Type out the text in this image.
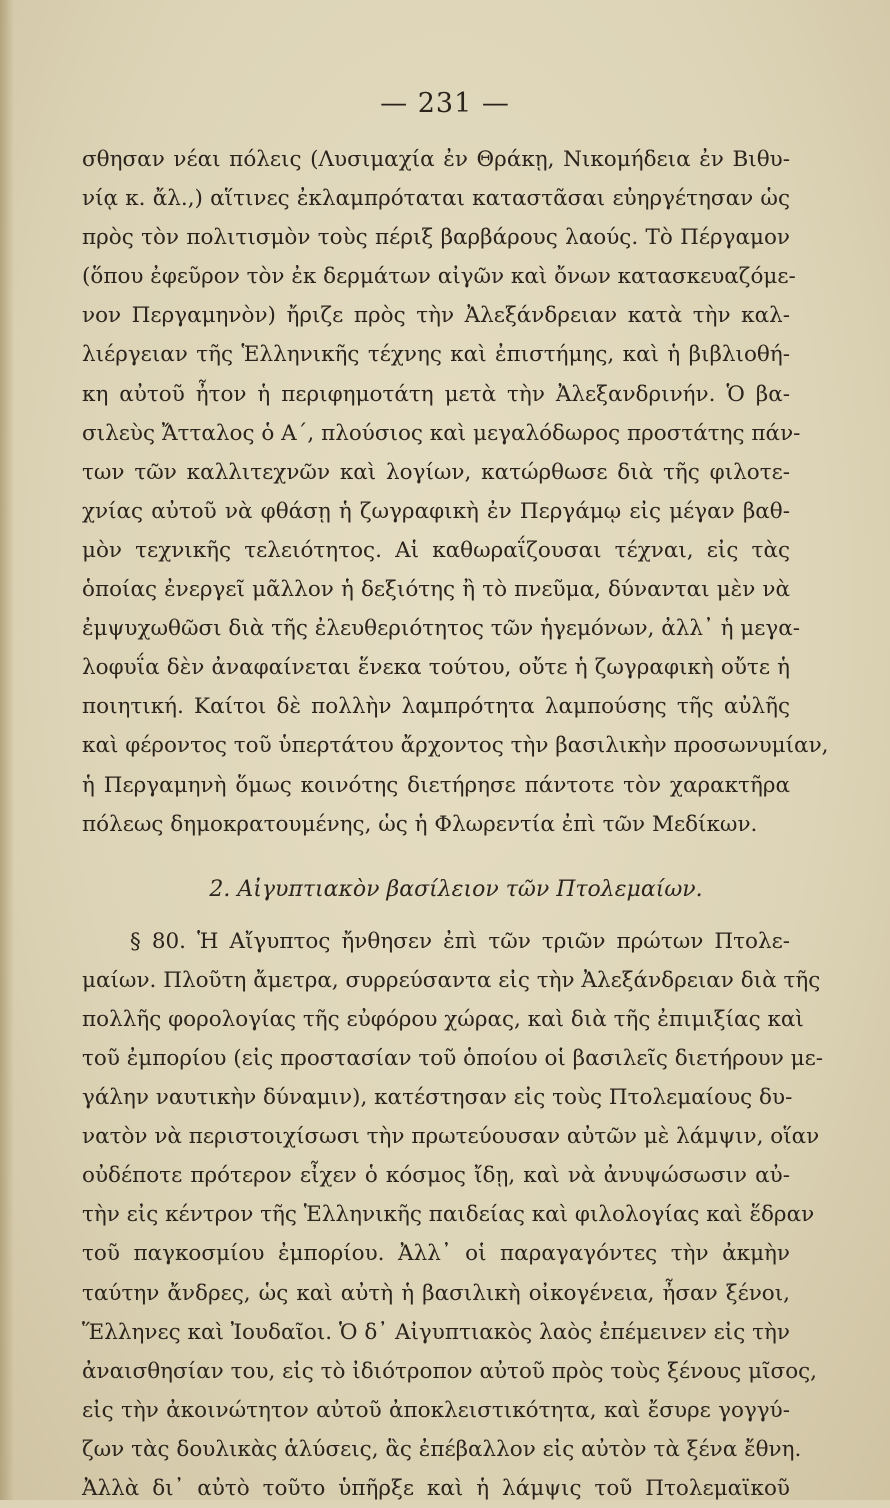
— 231 —
σθησαν νέαι πόλεις (Λυσιμαχία ἐν Θράκῃ, Νικομήδεια ἐν Βιθυ-
νίᾳ κ. ἄλ.,) αἵτινες ἐκλαμπρόταται καταστᾶσαι εὐηργέτησαν ὡς
πρὸς τὸν πολιτισμὸν τοὺς πέριξ βαρβάρους λαούς. Τὸ Πέργαμον
(ὅπου ἐφεῦρον τὸν ἐκ δερμάτων αἰγῶν καὶ ὄνων κατασκευαζόμε-
νον Περγαμηνὸν) ἤριζε πρὸς τὴν Ἀλεξάνδρειαν κατὰ τὴν καλ-
λιέργειαν τῆς Ἑλληνικῆς τέχνης καὶ ἐπιστήμης, καὶ ἡ βιβλιοθή-
κη αὐτοῦ ἦτον ἡ περιφημοτάτη μετὰ τὴν Ἀλεξανδρινήν. Ὁ βα-
σιλεὺς Ἄτταλος ὁ Α΄, πλούσιος καὶ μεγαλόδωρος προστάτης πάν-
των τῶν καλλιτεχνῶν καὶ λογίων, κατώρθωσε διὰ τῆς φιλοτε-
χνίας αὐτοῦ νὰ φθάσῃ ἡ ζωγραφικὴ ἐν Περγάμῳ εἰς μέγαν βαθ-
μὸν τεχνικῆς τελειότητος. Αἱ καθωραΐζουσαι τέχναι, εἰς τὰς
ὁποίας ἐνεργεῖ μᾶλλον ἡ δεξιότης ἢ τὸ πνεῦμα, δύνανται μὲν νὰ
ἐμψυχωθῶσι διὰ τῆς ἐλευθεριότητος τῶν ἡγεμόνων, ἀλλ᾽ ἡ μεγα-
λοφυΐα δὲν ἀναφαίνεται ἕνεκα τούτου, οὔτε ἡ ζωγραφικὴ οὔτε ἡ
ποιητική. Καίτοι δὲ πολλὴν λαμπρότητα λαμπούσης τῆς αὐλῆς
καὶ φέροντος τοῦ ὑπερτάτου ἄρχοντος τὴν βασιλικὴν προσωνυμίαν,
ἡ Περγαμηνὴ ὅμως κοινότης διετήρησε πάντοτε τὸν χαρακτῆρα
πόλεως δημοκρατουμένης, ὡς ἡ Φλωρεντία ἐπὶ τῶν Μεδίκων.
2. Αἰγυπτιακὸν βασίλειον τῶν Πτολεμαίων.
§ 80. Ἡ Αἴγυπτος ἤνθησεν ἐπὶ τῶν τριῶν πρώτων Πτολε-
μαίων. Πλοῦτη ἄμετρα, συρρεύσαντα εἰς τὴν Ἀλεξάνδρειαν διὰ τῆς
πολλῆς φορολογίας τῆς εὐφόρου χώρας, καὶ διὰ τῆς ἐπιμιξίας καὶ
τοῦ ἐμπορίου (εἰς προστασίαν τοῦ ὁποίου οἱ βασιλεῖς διετήρουν με-
γάλην ναυτικὴν δύναμιν), κατέστησαν εἰς τοὺς Πτολεμαίους δυ-
νατὸν νὰ περιστοιχίσωσι τὴν πρωτεύουσαν αὐτῶν μὲ λάμψιν, οἵαν
οὐδέποτε πρότερον εἶχεν ὁ κόσμος ἴδῃ, καὶ νὰ ἀνυψώσωσιν αὐ-
τὴν εἰς κέντρον τῆς Ἑλληνικῆς παιδείας καὶ φιλολογίας καὶ ἕδραν
τοῦ παγκοσμίου ἐμπορίου. Ἀλλ᾽ οἱ παραγαγόντες τὴν ἀκμὴν
ταύτην ἄνδρες, ὡς καὶ αὐτὴ ἡ βασιλικὴ οἰκογένεια, ἦσαν ξένοι,
Ἕλληνες καὶ Ἰουδαῖοι. Ὁ δ᾽ Αἰγυπτιακὸς λαὸς ἐπέμεινεν εἰς τὴν
ἀναισθησίαν του, εἰς τὸ ἰδιότροπον αὐτοῦ πρὸς τοὺς ξένους μῖσος,
εἰς τὴν ἀκοινώτητον αὐτοῦ ἀποκλειστικότητα, καὶ ἔσυρε γογγύ-
ζων τὰς δουλικὰς ἁλύσεις, ἃς ἐπέβαλλον εἰς αὐτὸν τὰ ξένα ἔθνη.
Ἀλλὰ δι᾽ αὐτὸ τοῦτο ὑπῆρξε καὶ ἡ λάμψις τοῦ Πτολεμαϊκοῦ
